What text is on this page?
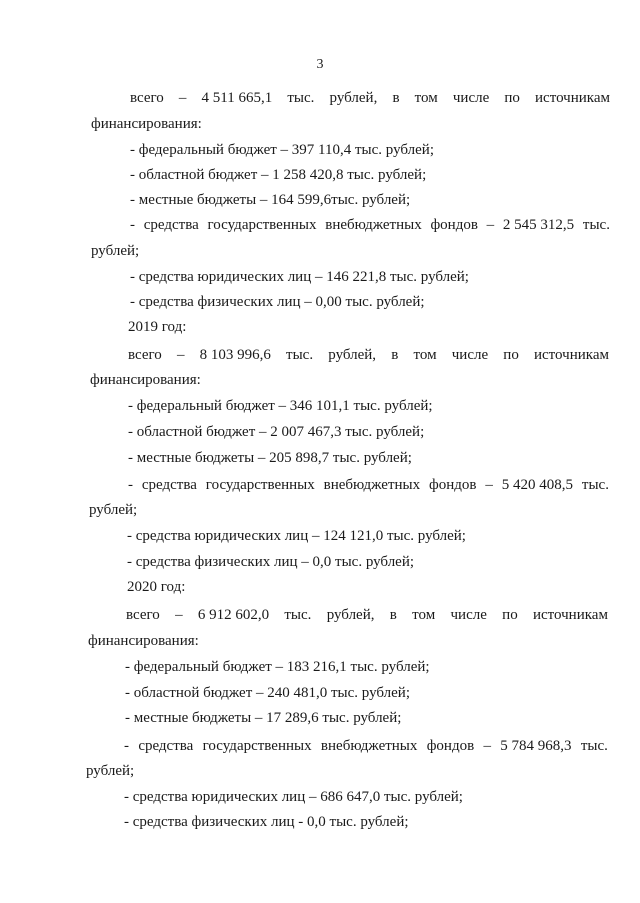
3
всего – 4 511 665,1 тыс. рублей, в том числе по источникам
финансирования:
- федеральный бюджет – 397 110,4 тыс. рублей;
- областной бюджет – 1 258 420,8 тыс. рублей;
- местные бюджеты – 164 599,6тыс. рублей;
- средства государственных внебюджетных фондов – 2 545 312,5 тыс.
рублей;
- средства юридических лиц – 146 221,8 тыс. рублей;
- средства физических лиц – 0,00 тыс. рублей;
2019 год:
всего – 8 103 996,6 тыс. рублей, в том числе по источникам
финансирования:
- федеральный бюджет – 346 101,1 тыс. рублей;
- областной бюджет – 2 007 467,3 тыс. рублей;
- местные бюджеты – 205 898,7 тыс. рублей;
- средства государственных внебюджетных фондов – 5 420 408,5 тыс.
рублей;
- средства юридических лиц – 124 121,0 тыс. рублей;
- средства физических лиц – 0,0 тыс. рублей;
2020 год:
всего – 6 912 602,0 тыс. рублей, в том числе по источникам
финансирования:
- федеральный бюджет – 183 216,1 тыс. рублей;
- областной бюджет – 240 481,0 тыс. рублей;
- местные бюджеты – 17 289,6 тыс. рублей;
- средства государственных внебюджетных фондов – 5 784 968,3 тыс.
рублей;
- средства юридических лиц – 686 647,0 тыс. рублей;
- средства физических лиц - 0,0 тыс. рублей;
